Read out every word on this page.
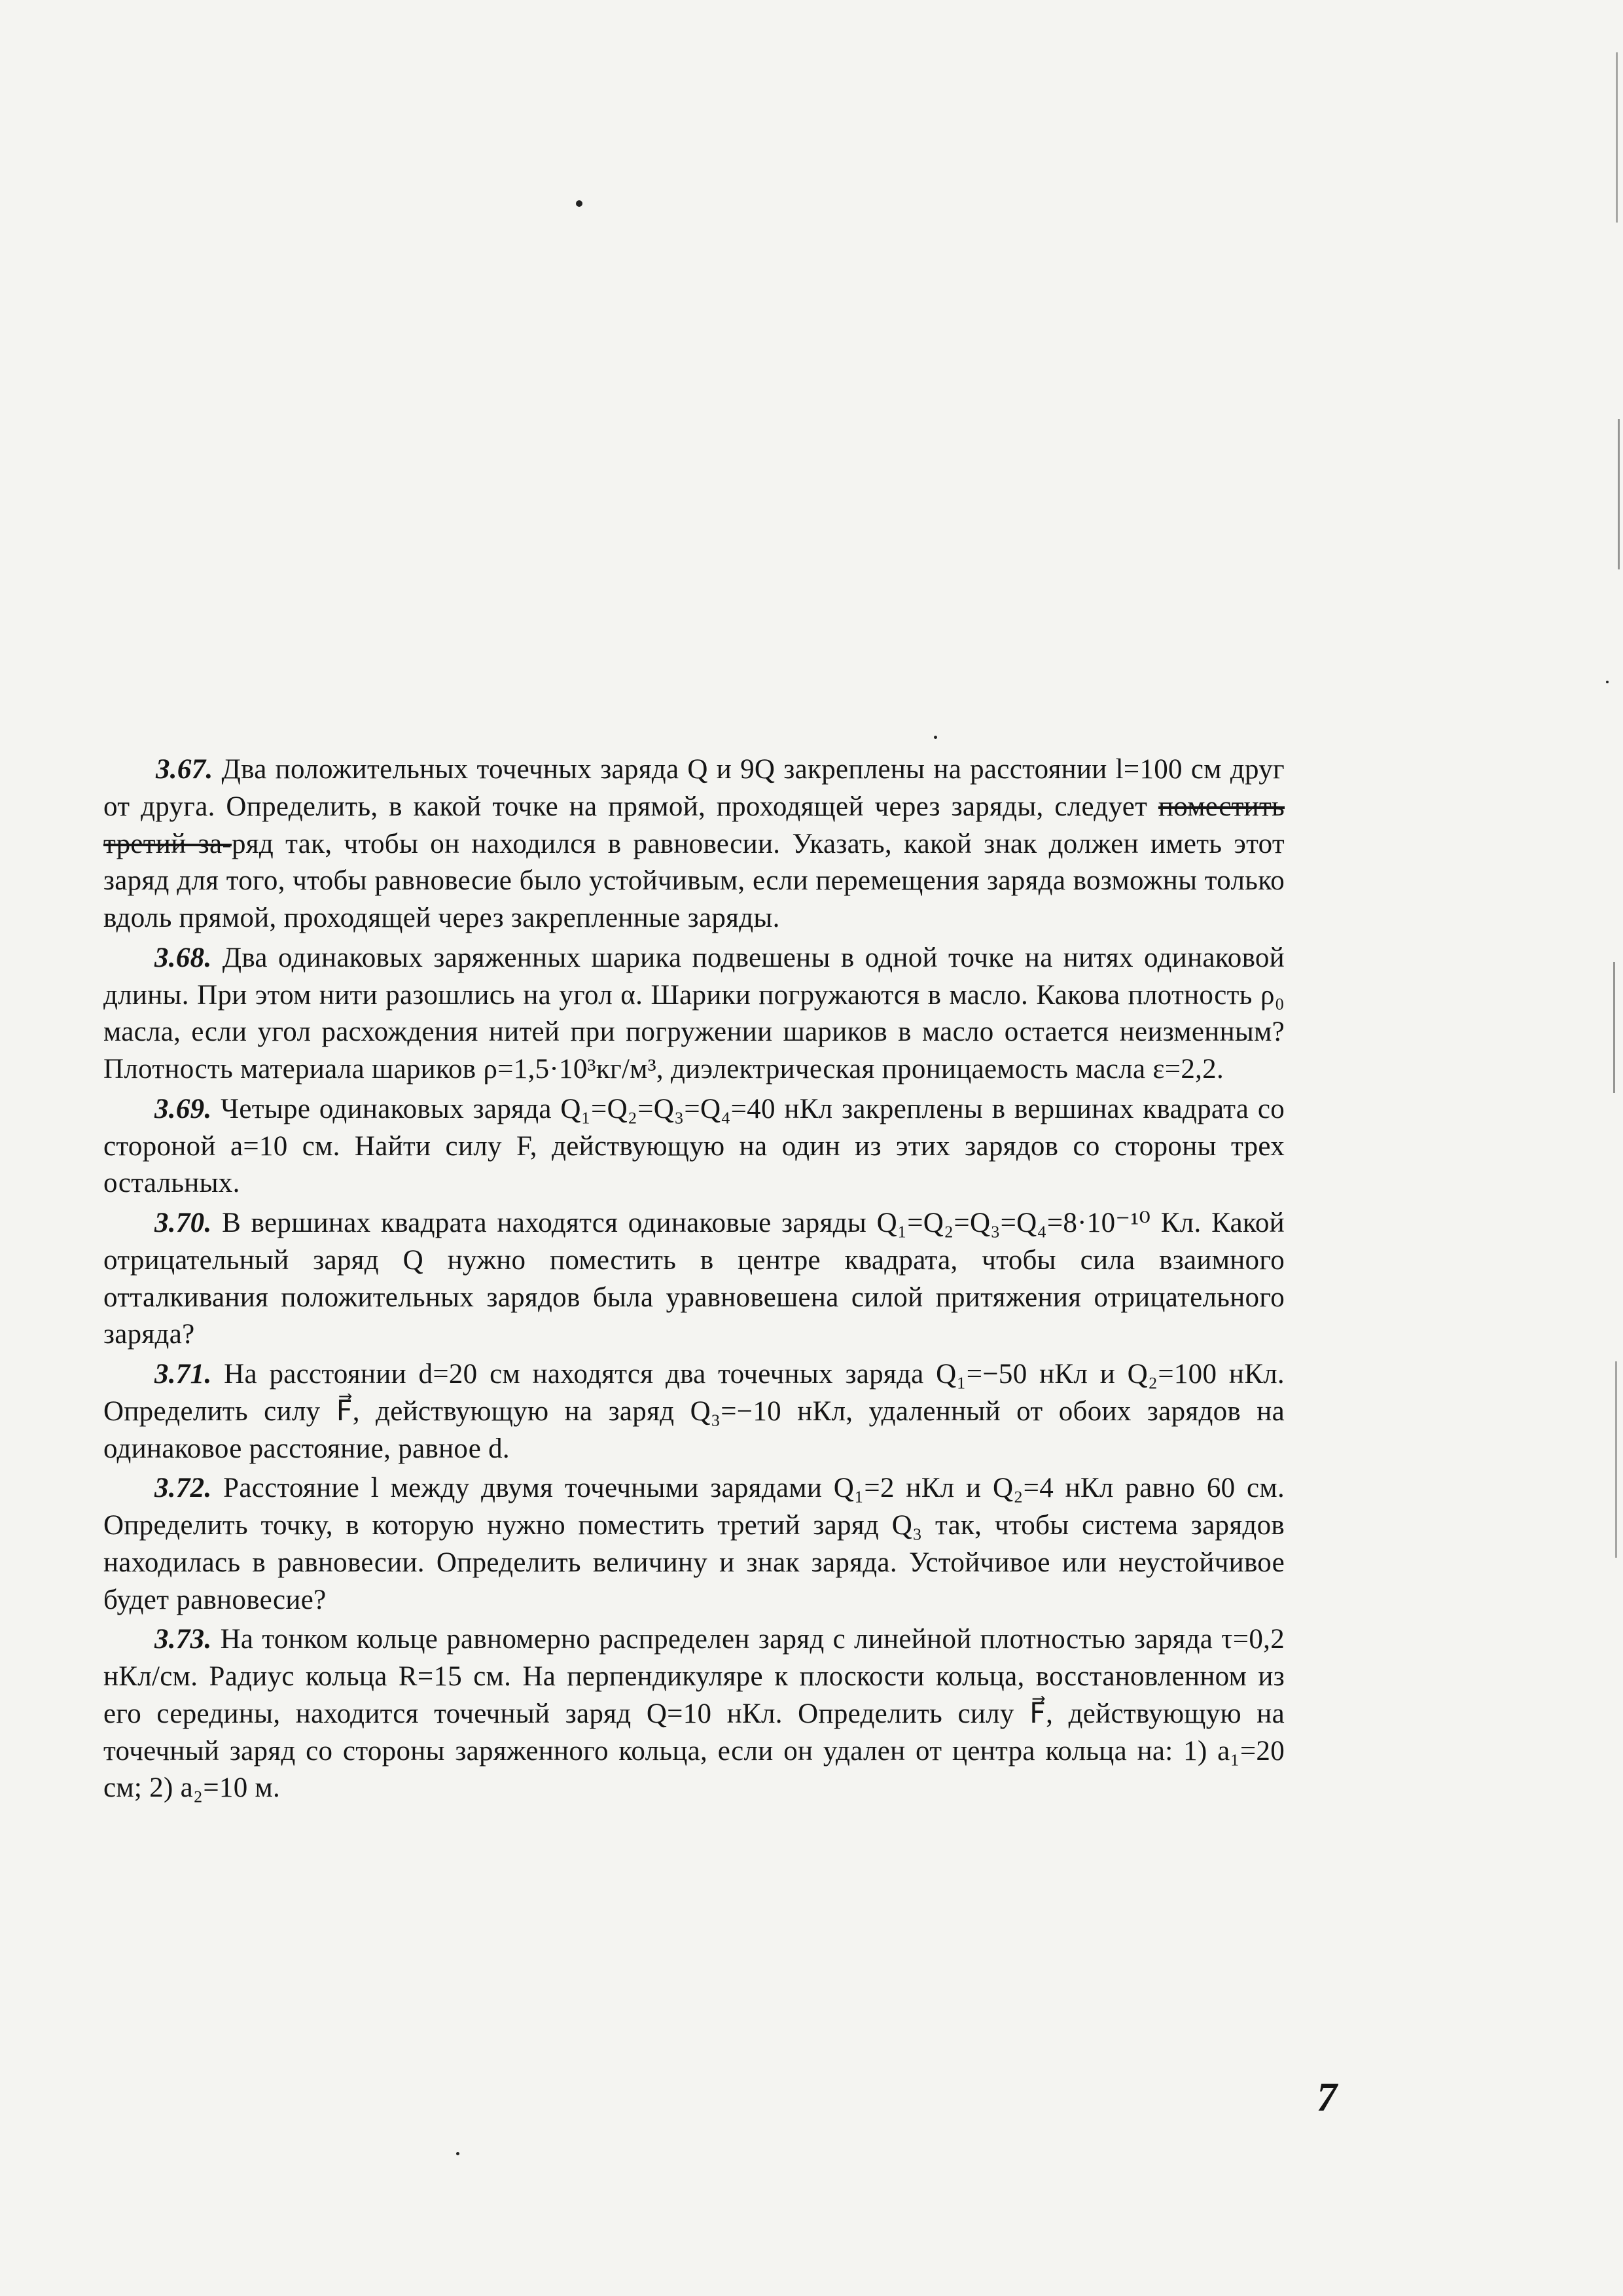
3.67. Два положительных точечных заряда Q и 9Q закреплены на расстоянии l=100 см друг от друга. Определить, в какой точке на прямой, проходящей через заряды, следует поместить третий за-ряд так, чтобы он находился в равновесии. Указать, какой знак должен иметь этот заряд для того, чтобы равновесие было устойчивым, если перемещения заряда возможны только вдоль прямой, проходящей через закрепленные заряды.

3.68. Два одинаковых заряженных шарика подвешены в одной точке на нитях одинаковой длины. При этом нити разошлись на угол α. Шарики погружаются в масло. Какова плотность ρ₀ масла, если угол расхождения нитей при погружении шариков в масло остается неизменным? Плотность материала шариков ρ=1,5·10³кг/м³, диэлектрическая проницаемость масла ε=2,2.

3.69. Четыре одинаковых заряда Q₁=Q₂=Q₃=Q₄=40 нКл закреплены в вершинах квадрата со стороной a=10 см. Найти силу F, действующую на один из этих зарядов со стороны трех остальных.

3.70. В вершинах квадрата находятся одинаковые заряды Q₁=Q₂=Q₃=Q₄=8·10⁻¹⁰ Кл. Какой отрицательный заряд Q нужно поместить в центре квадрата, чтобы сила взаимного отталкивания положительных зарядов была уравновешена силой притяжения отрицательного заряда?

3.71. На расстоянии d=20 см находятся два точечных заряда Q₁=−50 нКл и Q₂=100 нКл. Определить силу F⃗, действующую на заряд Q₃=−10 нКл, удаленный от обоих зарядов на одинаковое расстояние, равное d.

3.72. Расстояние l между двумя точечными зарядами Q₁=2 нКл и Q₂=4 нКл равно 60 см. Определить точку, в которую нужно поместить третий заряд Q₃ так, чтобы система зарядов находилась в равновесии. Определить величину и знак заряда. Устойчивое или неустойчивое будет равновесие?

3.73. На тонком кольце равномерно распределен заряд с линейной плотностью заряда τ=0,2 нКл/см. Радиус кольца R=15 см. На перпендикуляре к плоскости кольца, восстановленном из его середины, находится точечный заряд Q=10 нКл. Определить силу F⃗, действующую на точечный заряд со стороны заряженного кольца, если он удален от центра кольца на: 1) a₁=20 см; 2) a₂=10 м.

7
